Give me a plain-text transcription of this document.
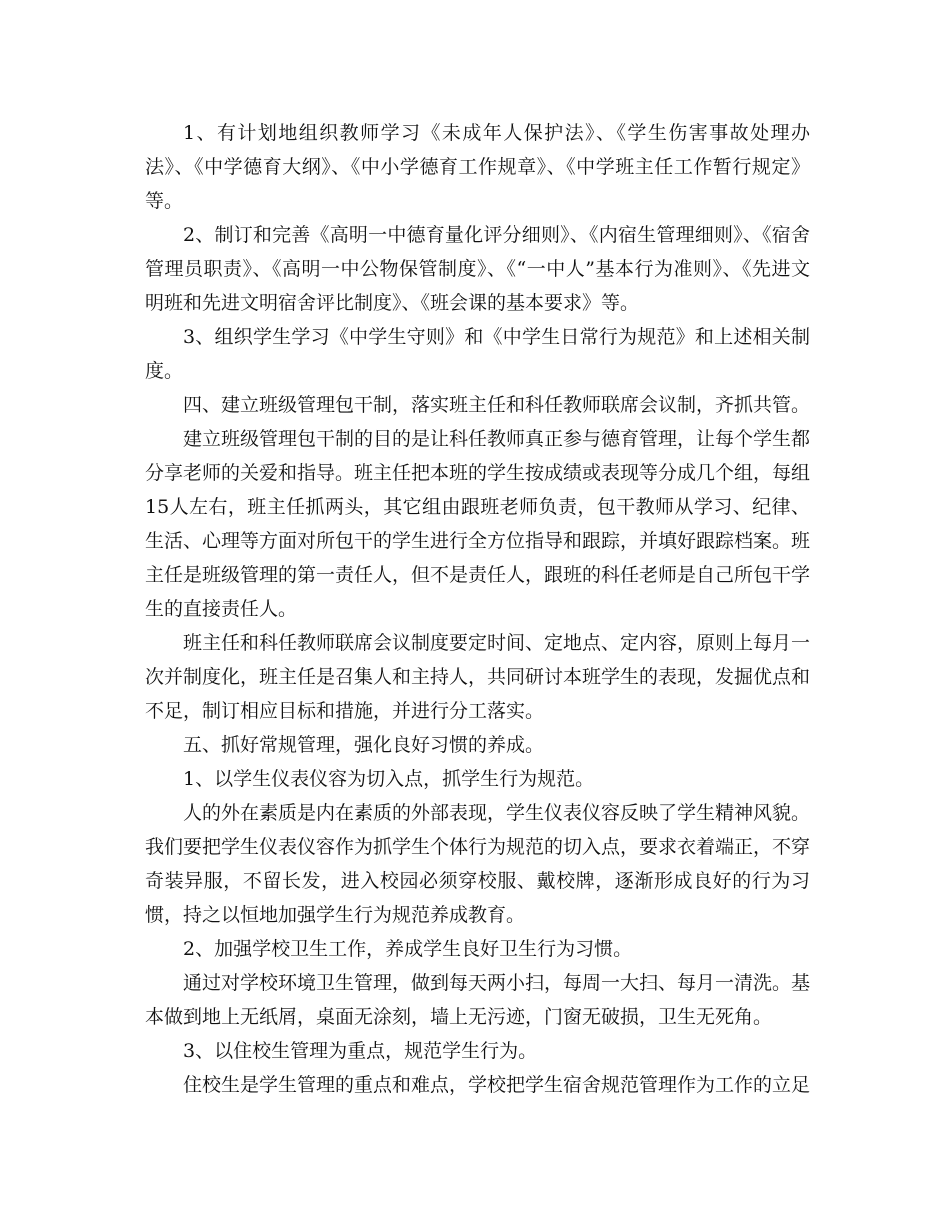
1、有计划地组织教师学习《未成年人保护法》、《学生伤害事故处理办法》、《中学德育大纲》、《中小学德育工作规章》、《中学班主任工作暂行规定》等。

2、制订和完善《高明一中德育量化评分细则》、《内宿生管理细则》、《宿舍管理员职责》、《高明一中公物保管制度》、《“一中人”基本行为准则》、《先进文明班和先进文明宿舍评比制度》、《班会课的基本要求》等。

3、组织学生学习《中学生守则》和《中学生日常行为规范》和上述相关制度。

四、建立班级管理包干制，落实班主任和科任教师联席会议制，齐抓共管。

建立班级管理包干制的目的是让科任教师真正参与德育管理，让每个学生都分享老师的关爱和指导。班主任把本班的学生按成绩或表现等分成几个组，每组15人左右，班主任抓两头，其它组由跟班老师负责，包干教师从学习、纪律、生活、心理等方面对所包干的学生进行全方位指导和跟踪，并填好跟踪档案。班主任是班级管理的第一责任人，但不是责任人，跟班的科任老师是自己所包干学生的直接责任人。

班主任和科任教师联席会议制度要定时间、定地点、定内容，原则上每月一次并制度化，班主任是召集人和主持人，共同研讨本班学生的表现，发掘优点和不足，制订相应目标和措施，并进行分工落实。

五、抓好常规管理，强化良好习惯的养成。

1、以学生仪表仪容为切入点，抓学生行为规范。

人的外在素质是内在素质的外部表现，学生仪表仪容反映了学生精神风貌。我们要把学生仪表仪容作为抓学生个体行为规范的切入点，要求衣着端正，不穿奇装异服，不留长发，进入校园必须穿校服、戴校牌，逐渐形成良好的行为习惯，持之以恒地加强学生行为规范养成教育。

2、加强学校卫生工作，养成学生良好卫生行为习惯。

通过对学校环境卫生管理，做到每天两小扫，每周一大扫、每月一清洗。基本做到地上无纸屑，桌面无涂刻，墙上无污迹，门窗无破损，卫生无死角。

3、以住校生管理为重点，规范学生行为。

住校生是学生管理的重点和难点，学校把学生宿舍规范管理作为工作的立足
